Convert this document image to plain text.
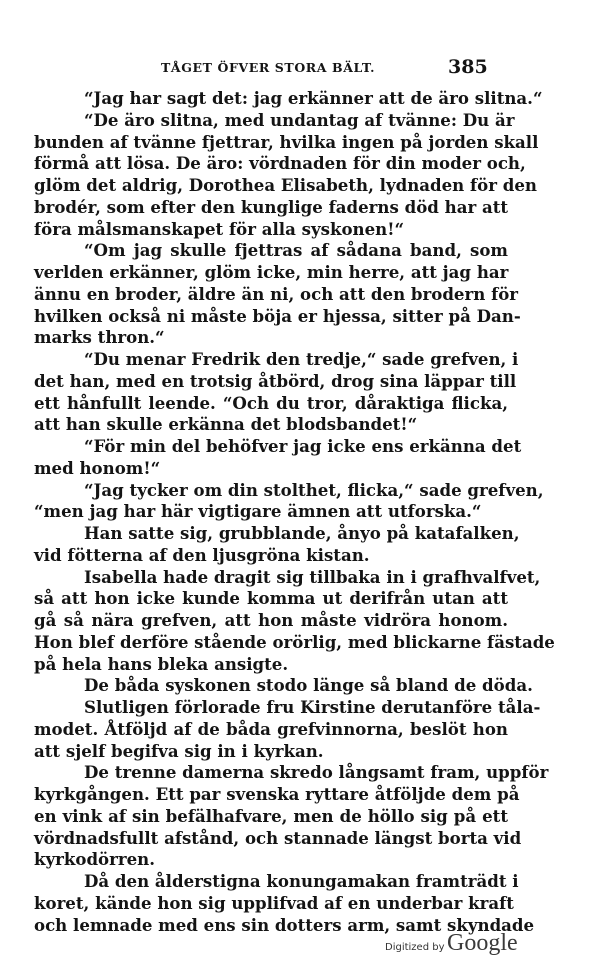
TÅGET ÖFVER STORA BÄLT.	385
“Jag har sagt det: jag erkänner att de äro slitna.“
“De äro slitna, med undantag af tvänne: Du är
bunden af tvänne fjettrar, hvilka ingen på jorden skall
förmå att lösa. De äro: vördnaden för din moder och,
glöm det aldrig, Dorothea Elisabeth, lydnaden för den
brodér, som efter den kunglige faderns död har att
föra målsmanskapet för alla syskonen!“
“Om jag skulle fjettras af sådana band, som
verlden erkänner, glöm icke, min herre, att jag har
ännu en broder, äldre än ni, och att den brodern för
hvilken också ni måste böja er hjessa, sitter på Dan-
marks thron.“
“Du menar Fredrik den tredje,“ sade grefven, i
det han, med en trotsig åtbörd, drog sina läppar till
ett hånfullt leende. “Och du tror, dåraktiga flicka,
att han skulle erkänna det blodsbandet!“
“För min del behöfver jag icke ens erkänna det
med honom!“
“Jag tycker om din stolthet, flicka,“ sade grefven,
“men jag har här vigtigare ämnen att utforska.“
Han satte sig, grubblande, ånyo på katafalken,
vid fötterna af den ljusgröna kistan.
Isabella hade dragit sig tillbaka in i grafhvalfvet,
så att hon icke kunde komma ut derifrån utan att
gå så nära grefven, att hon måste vidröra honom.
Hon blef derföre stående orörlig, med blickarne fästade
på hela hans bleka ansigte.
De båda syskonen stodo länge så bland de döda.
Slutligen förlorade fru Kirstine derutanföre tåla-
modet. Åtföljd af de båda grefvinnorna, beslöt hon
att sjelf begifva sig in i kyrkan.
De trenne damerna skredo långsamt fram, uppför
kyrkgången. Ett par svenska ryttare åtföljde dem på
en vink af sin befälhafvare, men de höllo sig på ett
vördnadsfullt afstånd, och stannade längst borta vid
kyrkodörren.
Då den ålderstigna konungamakan framträdt i
koret, kände hon sig upplifvad af en underbar kraft
och lemnade med ens sin dotters arm, samt skyndade
Digitized by Google
